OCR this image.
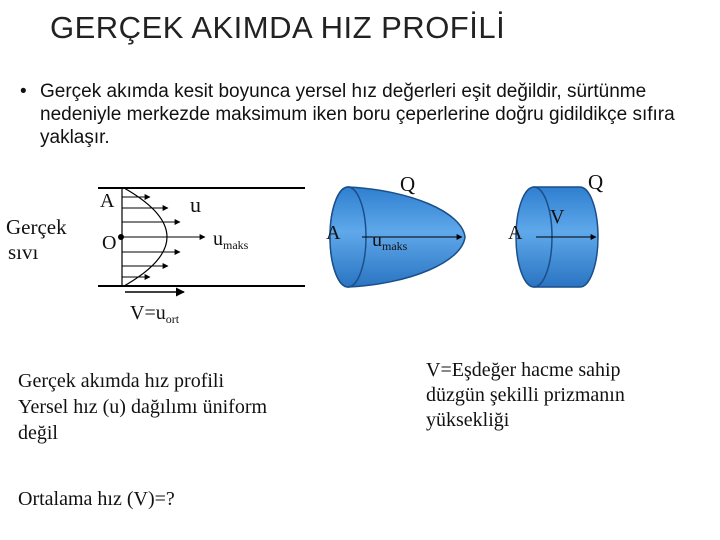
GERÇEK AKIMDA HIZ PROFİLİ
• Gerçek akımda kesit boyunca yersel hız değerleri eşit değildir, sürtünme nedeniyle merkezde maksimum iken boru çeperlerine doğru gidildikçe sıfıra yaklaşır.
Gerçek
sıvı
A
O
u
$u_{maks}$
$V=u_{ort}$
A
Q
$u_{maks}$
A
Q
V
Gerçek akımda hız profili
Yersel hız (u) dağılımı üniform
değil
Ortalama hız (V)=?
V=Eşdeğer hacme sahip
düzgün şekilli prizmanın
yüksekliği
